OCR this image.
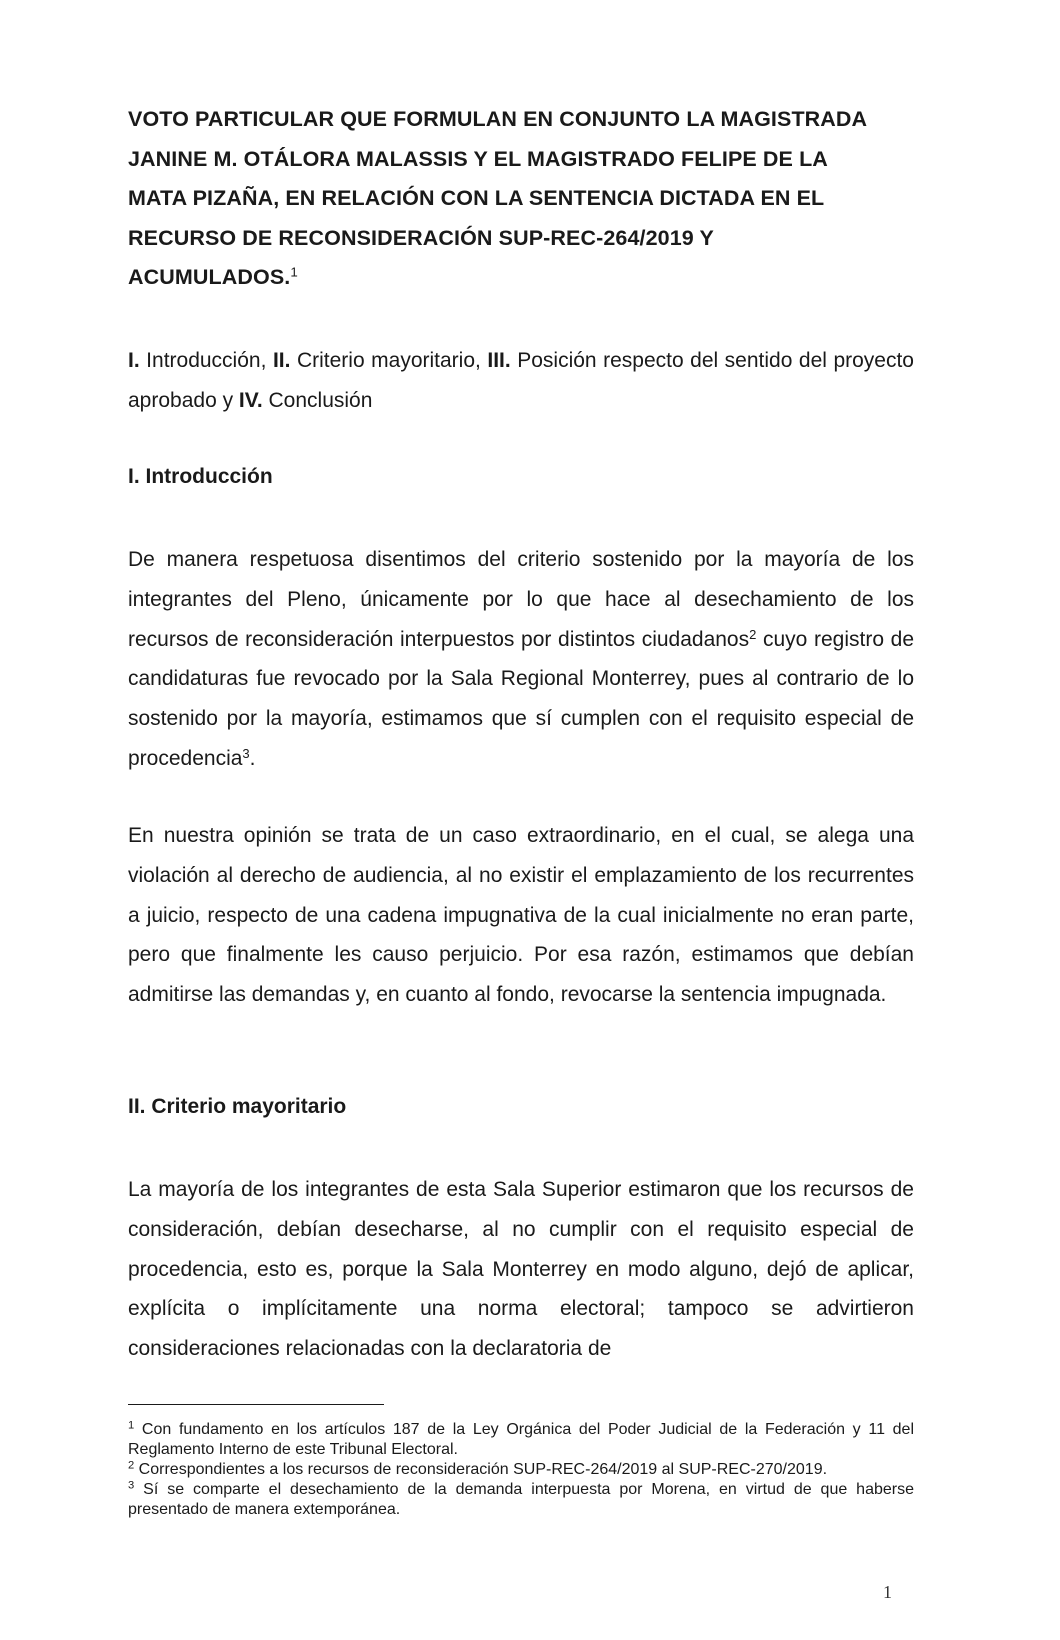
VOTO PARTICULAR QUE FORMULAN EN CONJUNTO LA MAGISTRADA
JANINE M. OTÁLORA MALASSIS Y EL MAGISTRADO FELIPE DE LA
MATA PIZAÑA, EN RELACIÓN CON LA SENTENCIA DICTADA EN EL
RECURSO DE RECONSIDERACIÓN SUP-REC-264/2019 Y
ACUMULADOS.$^1$
I. Introducción, II. Criterio mayoritario, III. Posición respecto del sentido del proyecto aprobado y IV. Conclusión
I. Introducción
De manera respetuosa disentimos del criterio sostenido por la mayoría de los integrantes del Pleno, únicamente por lo que hace al desechamiento de los recursos de reconsideración interpuestos por distintos ciudadanos$^2$ cuyo registro de candidaturas fue revocado por la Sala Regional Monterrey, pues al contrario de lo sostenido por la mayoría, estimamos que sí cumplen con el requisito especial de procedencia$^3$.
En nuestra opinión se trata de un caso extraordinario, en el cual, se alega una violación al derecho de audiencia, al no existir el emplazamiento de los recurrentes a juicio, respecto de una cadena impugnativa de la cual inicialmente no eran parte, pero que finalmente les causo perjuicio. Por esa razón, estimamos que debían admitirse las demandas y, en cuanto al fondo, revocarse la sentencia impugnada.
II. Criterio mayoritario
La mayoría de los integrantes de esta Sala Superior estimaron que los recursos de consideración, debían desecharse, al no cumplir con el requisito especial de procedencia, esto es, porque la Sala Monterrey en modo alguno, dejó de aplicar, explícita o implícitamente una norma electoral; tampoco se advirtieron consideraciones relacionadas con la declaratoria de

$^1$ Con fundamento en los artículos 187 de la Ley Orgánica del Poder Judicial de la Federación y 11 del Reglamento Interno de este Tribunal Electoral.

$^2$ Correspondientes a los recursos de reconsideración SUP-REC-264/2019 al SUP-REC-270/2019.

$^3$ Sí se comparte el desechamiento de la demanda interpuesta por Morena, en virtud de que haberse presentado de manera extemporánea.

1
